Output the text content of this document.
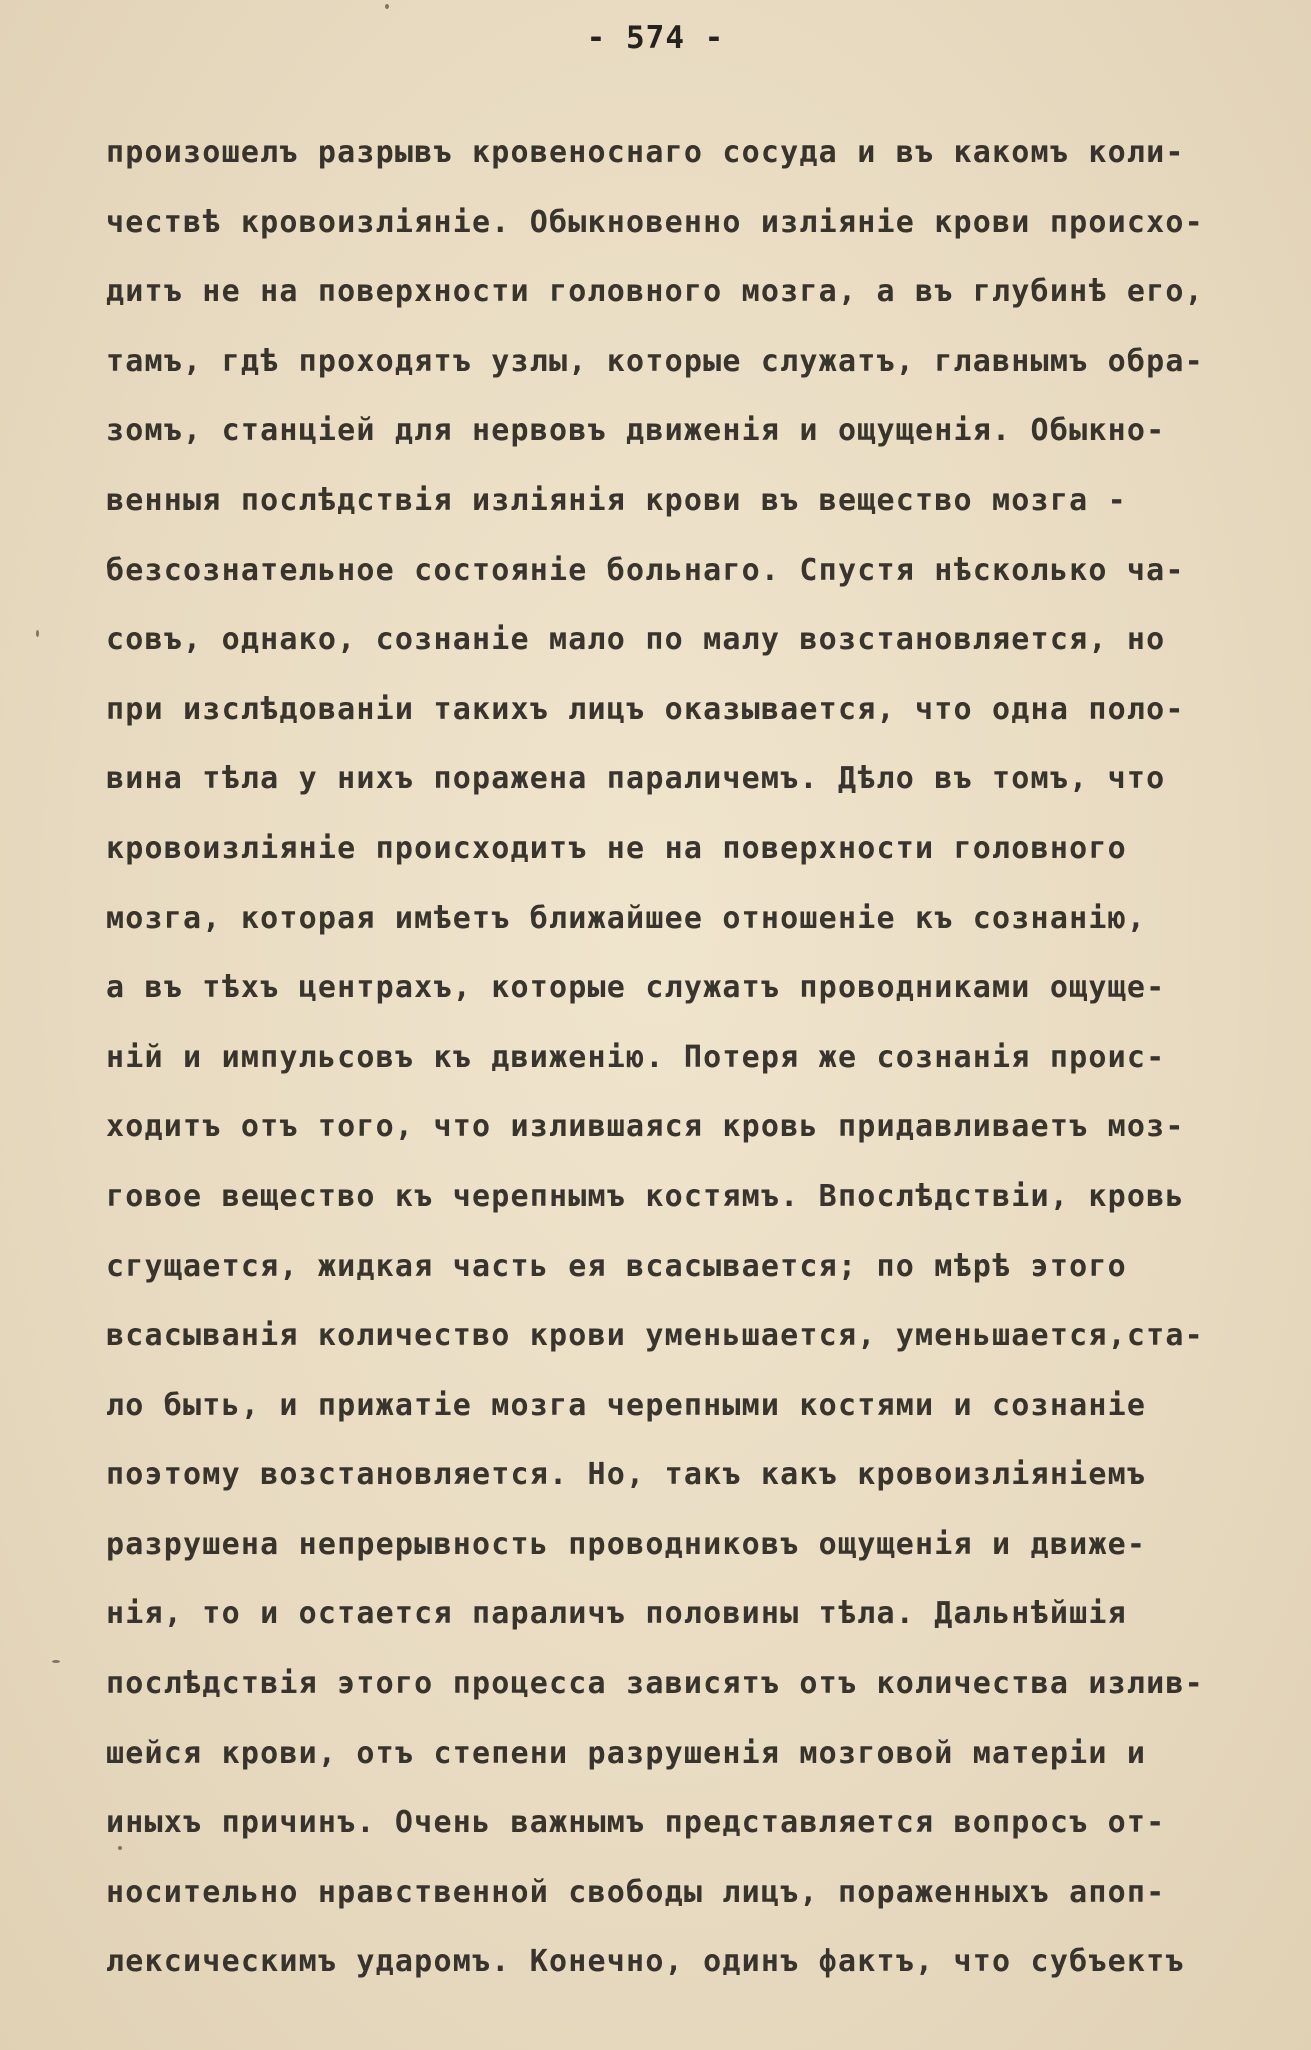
- 574 -
произошелъ разрывъ кровеноснаго сосуда и въ какомъ коли-
чествѣ кровоизлiянiе. Обыкновенно излiянiе крови происхо-
дитъ не на поверхности головного мозга, а въ глубинѣ его,
тамъ, гдѣ проходятъ узлы, которые служатъ, главнымъ обра-
зомъ, станцiей для нервовъ движенiя и ощущенiя. Обыкно-
венныя послѣдствiя излiянiя крови въ вещество мозга -
безсознательное состоянiе больнаго. Спустя нѣсколько ча-
совъ, однако, сознанiе мало по малу возстановляется, но
при изслѣдованiи такихъ лицъ оказывается, что одна поло-
вина тѣла у нихъ поражена параличемъ. Дѣло въ томъ, что
кровоизлiянiе происходитъ не на поверхности головного
мозга, которая имѣетъ ближайшее отношенiе къ сознанiю,
а въ тѣхъ центрахъ, которые служатъ проводниками ощуще-
нiй и импульсовъ къ движенiю. Потеря же сознанiя проис-
ходитъ отъ того, что излившаяся кровь придавливаетъ моз-
говое вещество къ черепнымъ костямъ. Впослѣдствiи, кровь
сгущается, жидкая часть ея всасывается; по мѣрѣ этого
всасыванiя количество крови уменьшается, уменьшается,ста-
ло быть, и прижатiе мозга черепными костями и сознанiе
поэтому возстановляется. Но, такъ какъ кровоизлiянiемъ
разрушена непрерывность проводниковъ ощущенiя и движе-
нiя, то и остается параличъ половины тѣла. Дальнѣйшiя
послѣдствiя этого процесса зависятъ отъ количества излив-
шейся крови, отъ степени разрушенiя мозговой матерiи и
иныхъ причинъ. Очень важнымъ представляется вопросъ от-
носительно нравственной свободы лицъ, пораженныхъ апоп-
лексическимъ ударомъ. Конечно, одинъ фактъ, что субъектъ
